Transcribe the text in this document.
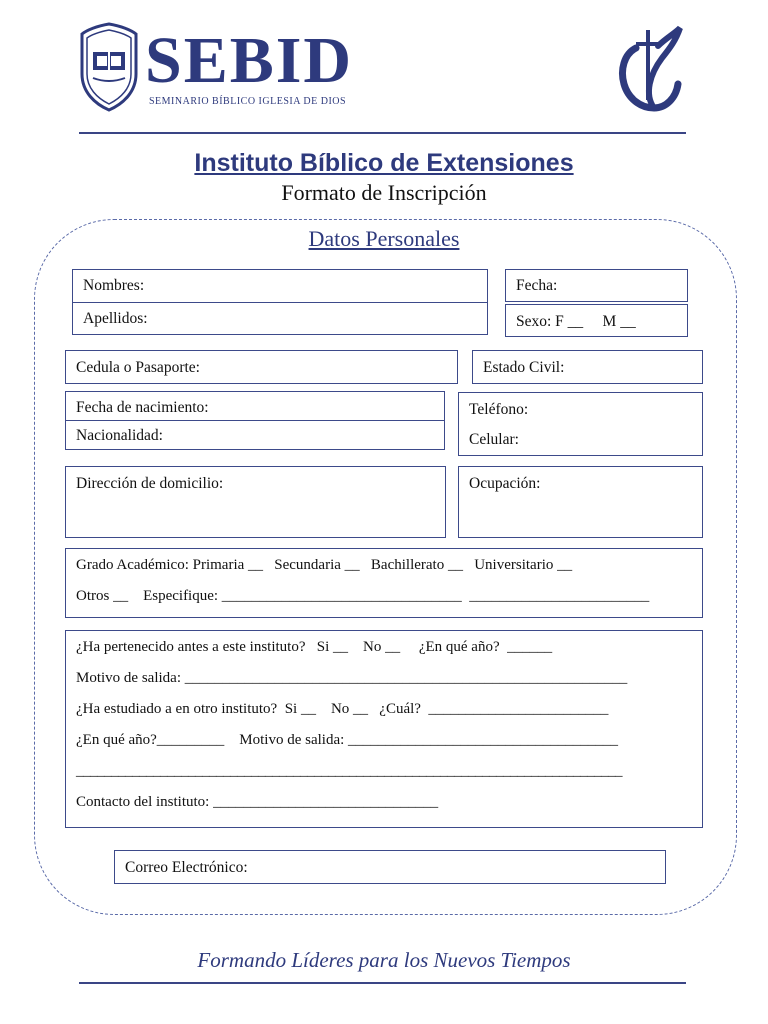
SEBID
SEMINARIO BÍBLICO IGLESIA DE DIOS
Instituto Bíblico de Extensiones
Formato de Inscripción
Datos Personales
Nombres:
Apellidos:
Fecha:
Sexo: F __     M __
Cedula o Pasaporte:	Estado Civil:
Fecha de nacimiento:
Nacionalidad:
Teléfono:
Celular:
Dirección de domicilio:	Ocupación:
Grado Académico: Primaria __   Secundaria __   Bachillerato __   Universitario __
Otros __    Especifique: ________________________________  ________________________
¿Ha pertenecido antes a este instituto?   Si __    No __     ¿En qué año?  ______
Motivo de salida: ___________________________________________________________
¿Ha estudiado a en otro instituto?  Si __    No __   ¿Cuál?  ________________________
¿En qué año?_________    Motivo de salida: ____________________________________
______________________________________________________________________________
Contacto del instituto: ______________________________
Correo Electrónico:
Formando Líderes para los Nuevos Tiempos
